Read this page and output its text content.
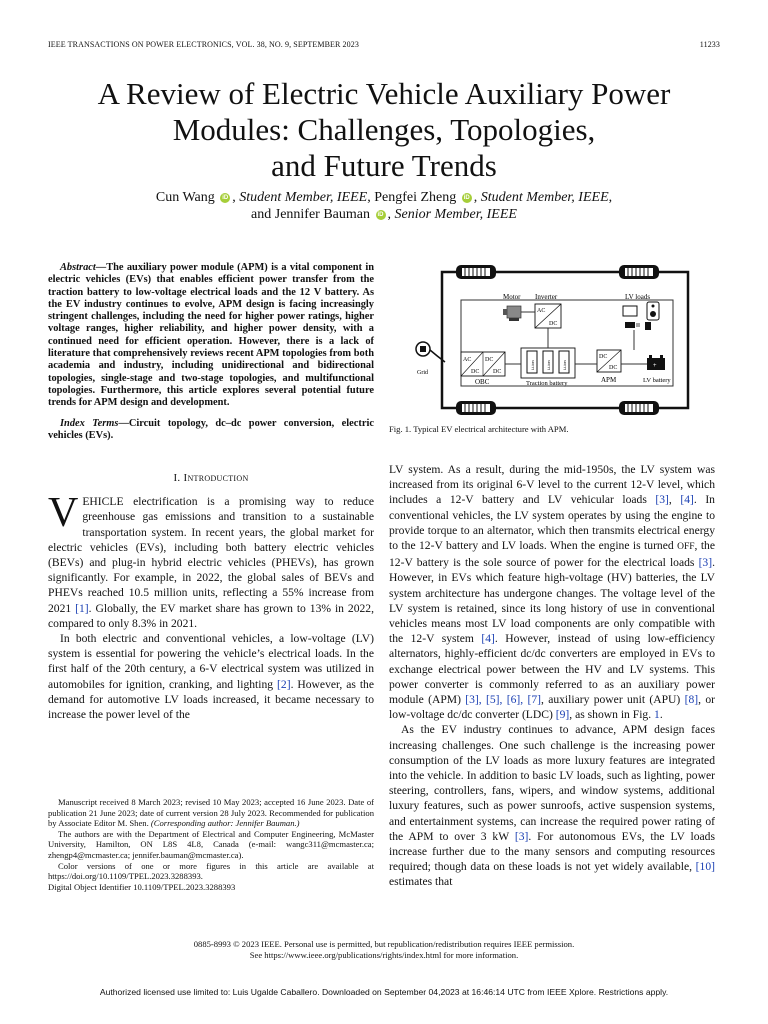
IEEE TRANSACTIONS ON POWER ELECTRONICS, VOL. 38, NO. 9, SEPTEMBER 2023	11233
A Review of Electric Vehicle Auxiliary Power
Modules: Challenges, Topologies,
and Future Trends
Cun Wang iD , Student Member, IEEE, Pengfei Zheng iD , Student Member, IEEE,
and Jennifer Bauman iD , Senior Member, IEEE

Abstract—The auxiliary power module (APM) is a vital component in electric vehicles (EVs) that enables efficient power transfer from the traction battery to low-voltage electrical loads and the 12 V battery. As the EV industry continues to evolve, APM design is facing increasingly stringent challenges, including the need for higher power ratings, higher voltage ranges, higher reliability, and higher power density, with a continued need for efficient operation. However, there is a lack of literature that comprehensively reviews recent APM topologies from both academia and industry, including unidirectional and bidirectional topologies, single-stage and two-stage topologies, and multifunctional topologies. Furthermore, this article explores several potential future trends for APM design and development.

Index Terms—Circuit topology, dc–dc power conversion, electric vehicles (EVs).

I. Introduction

VEHICLE electrification is a promising way to reduce greenhouse gas emissions and transition to a sustainable transportation system. In recent years, the global market for electric vehicles (EVs), including both battery electric vehicles (BEVs) and plug-in hybrid electric vehicles (PHEVs), has grown significantly. For example, in 2022, the global sales of BEVs and PHEVs reached 10.5 million units, reflecting a 55% increase from 2021 [1]. Globally, the EV market share has grown to 13% in 2022, compared to only 8.3% in 2021.

In both electric and conventional vehicles, a low-voltage (LV) system is essential for powering the vehicle’s electrical loads. In the first half of the 20th century, a 6-V electrical system was utilized in automobiles for ignition, cranking, and lighting [2]. However, as the demand for automotive LV loads increased, it became necessary to increase the power level of the

Manuscript received 8 March 2023; revised 10 May 2023; accepted 16 June 2023. Date of publication 21 June 2023; date of current version 28 July 2023. Recommended for publication by Associate Editor M. Shen. (Corresponding author: Jennifer Bauman.)

The authors are with the Department of Electrical and Computer Engineering, McMaster University, Hamilton, ON L8S 4L8, Canada (e-mail: wangc311@mcmaster.ca; zhengp4@mcmaster.ca; jennifer.bauman@mcmaster.ca).

Color versions of one or more figures in this article are available at https://doi.org/10.1109/TPEL.2023.3288393.

Digital Object Identifier 10.1109/TPEL.2023.3288393

Motor Inverter
AC
DC
LV loads
Grid
AC
DC
DC
DC
OBC
Li-ion	Li-ion	Li-ion
Traction battery
DC
DC
APM
+
LV battery
Fig. 1. Typical EV electrical architecture with APM.

LV system. As a result, during the mid-1950s, the LV system was increased from its original 6-V level to the current 12-V level, which includes a 12-V battery and LV vehicular loads [3], [4]. In conventional vehicles, the LV system operates by using the engine to provide torque to an alternator, which then transmits electrical energy to the 12-V battery and LV loads. When the engine is turned OFF, the 12-V battery is the sole source of power for the electrical loads [3]. However, in EVs which feature high-voltage (HV) batteries, the LV system architecture has undergone changes. The voltage level of the LV system is retained, since its long history of use in conventional vehicles means most LV load components are only compatible with the 12-V system [4]. However, instead of using low-efficiency alternators, highly-efficient dc/dc converters are employed in EVs to exchange electrical power between the HV and LV systems. This power converter is commonly referred to as an auxiliary power module (APM) [3], [5], [6], [7], auxiliary power unit (APU) [8], or low-voltage dc/dc converter (LDC) [9], as shown in Fig. 1.

As the EV industry continues to advance, APM design faces increasing challenges. One such challenge is the increasing power consumption of the LV loads as more luxury features are integrated into the vehicle. In addition to basic LV loads, such as lighting, power steering, controllers, fans, wipers, and window systems, additional luxury features, such as power sunroofs, active suspension systems, and entertainment systems, can increase the required power rating of the APM to over 3 kW [3]. For autonomous EVs, the LV loads increase further due to the many sensors and computing resources required; though data on these loads is not yet widely available, [10] estimates that

0885-8993 © 2023 IEEE. Personal use is permitted, but republication/redistribution requires IEEE permission.
See https://www.ieee.org/publications/rights/index.html for more information.
Authorized licensed use limited to: Luis Ugalde Caballero. Downloaded on September 04,2023 at 16:46:14 UTC from IEEE Xplore. Restrictions apply.
